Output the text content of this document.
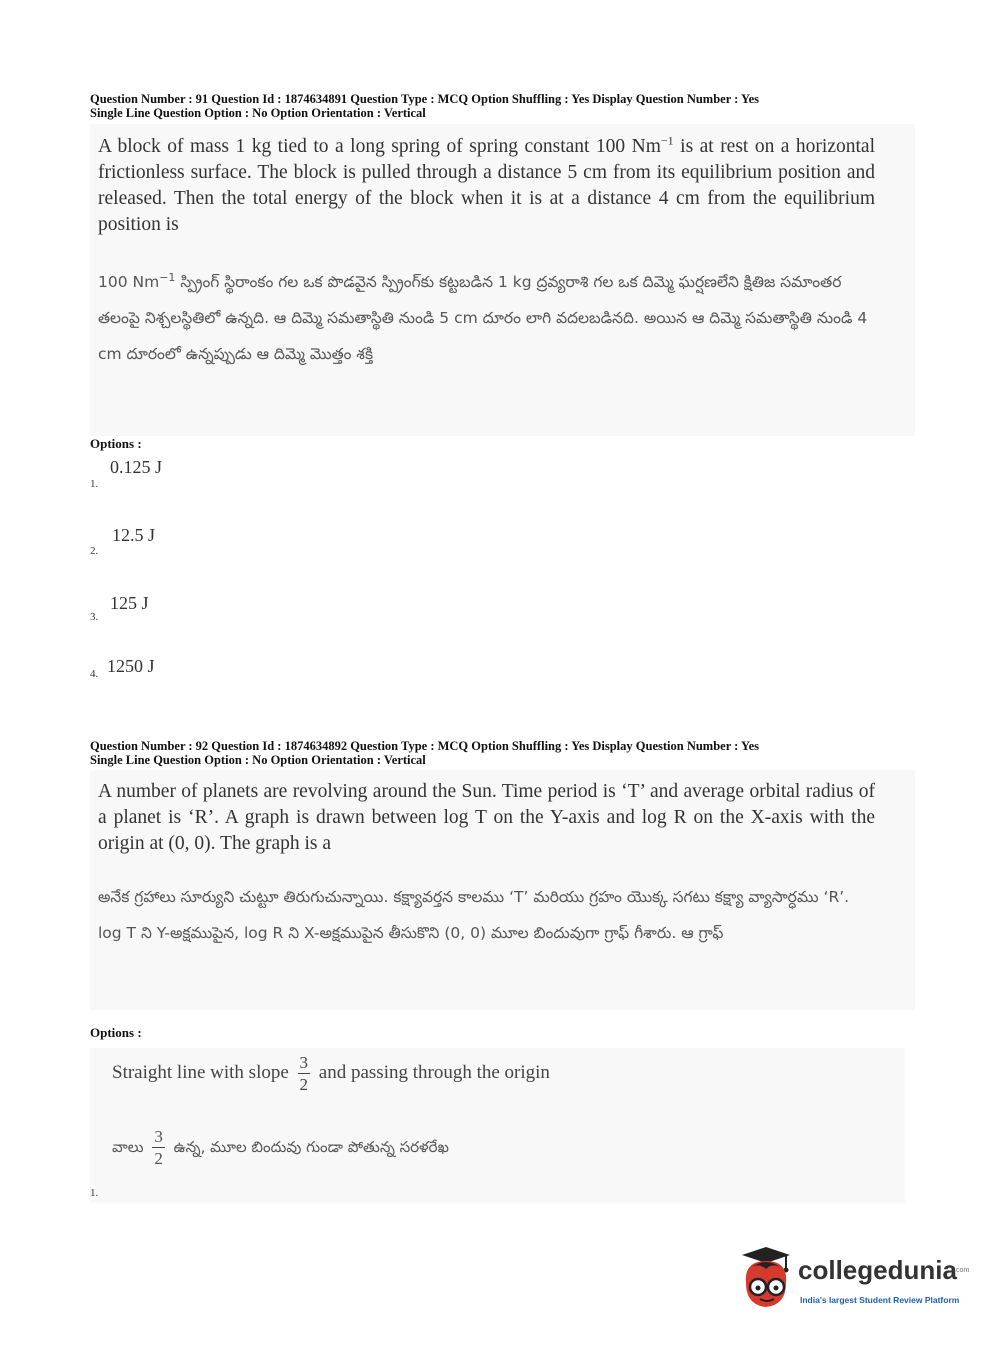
Question Number : 91 Question Id : 1874634891 Question Type : MCQ Option Shuffling : Yes Display Question Number : Yes
Single Line Question Option : No Option Orientation : Vertical

A block of mass 1 kg tied to a long spring of spring constant 100 $Nm^{-1}$ is at rest on a horizontal frictionless surface. The block is pulled through a distance 5 cm from its equilibrium position and released. Then the total energy of the block when it is at a distance 4 cm from the equilibrium position is

100 $Nm^{-1}$ స్ప్రింగ్ స్థిరాంకం గల ఒక పొడవైన స్ప్రింగ్‌కు కట్టబడిన 1 kg ద్రవ్యరాశి గల ఒక దిమ్మె ఘర్షణలేని క్షితిజ సమాంతర తలంపై నిశ్చలస్థితిలో ఉన్నది. ఆ దిమ్మె సమతాస్థితి నుండి 5 cm దూరం లాగి వదలబడినది. అయిన ఆ దిమ్మె సమతాస్థితి నుండి 4 cm దూరంలో ఉన్నప్పుడు ఆ దిమ్మె మొత్తం శక్తి

Options :
1.
0.125 J
2.
12.5 J
3.
125 J
4. 1250 J
Question Number : 92 Question Id : 1874634892 Question Type : MCQ Option Shuffling : Yes Display Question Number : Yes
Single Line Question Option : No Option Orientation : Vertical

A number of planets are revolving around the Sun. Time period is ‘T’ and average orbital radius of a planet is ‘R’. A graph is drawn between log T on the Y-axis and log R on the X-axis with the origin at (0, 0). The graph is a

అనేక గ్రహాలు సూర్యుని చుట్టూ తిరుగుచున్నాయి. కక్ష్యావర్తన కాలము ‘T’ మరియు గ్రహం యొక్క సగటు కక్ష్యా వ్యాసార్ధము ‘R’. log T ని Y-అక్షముపైన, log R ని X-అక్షముపైన తీసుకొని (0, 0) మూల బిందువుగా గ్రాఫ్ గీశారు. ఆ గ్రాఫ్

Options :
Straight line with slope $\frac{3}{2}$ and passing through the origin
వాలు $\frac{3}{2}$ ఉన్న, మూల బిందువు గుండా పోతున్న సరళరేఖ
1.
collegedunia
.com
India's largest Student Review Platform
